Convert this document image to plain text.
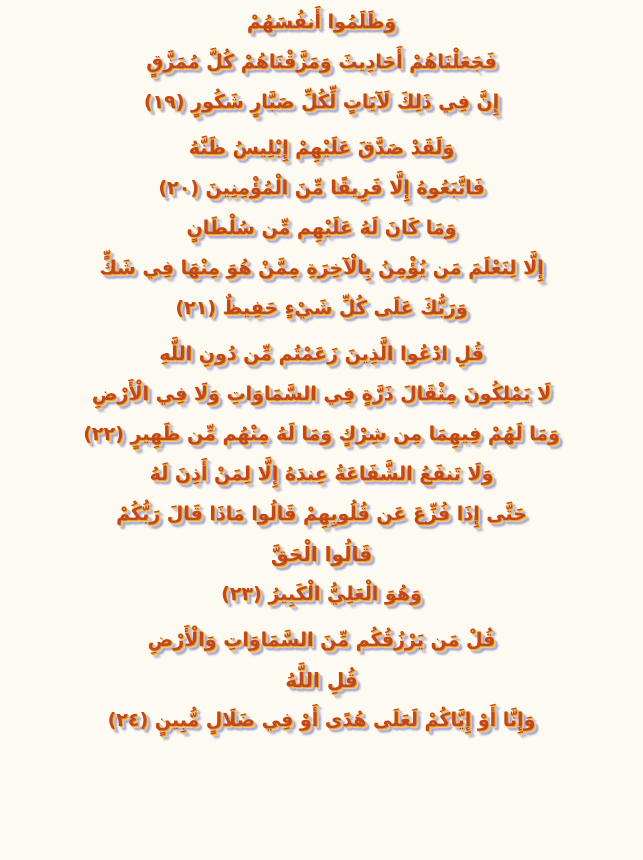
وَظَلَمُوا أَنفُسَهُمْ
فَجَعَلْنَاهُمْ أَحَادِيثَ وَمَزَّقْنَاهُمْ كُلَّ مُمَزَّقٍ
إِنَّ فِي ذَلِكَ لَآيَاتٍ لِّكُلِّ صَبَّارٍ شَكُورٍ (١٩)
وَلَقَدْ صَدَّقَ عَلَيْهِمْ إِبْلِيسُ ظَنَّهُ
فَاتَّبَعُوهُ إِلَّا فَرِيقًا مِّنَ الْمُؤْمِنِينَ (٢٠)
وَمَا كَانَ لَهُ عَلَيْهِم مِّن سُلْطَانٍ
إِلَّا لِنَعْلَمَ مَن يُؤْمِنُ بِالْآخِرَةِ مِمَّنْ هُوَ مِنْهَا فِي شَكٍّ
وَرَبُّكَ عَلَى كُلِّ شَيْءٍ حَفِيظٌ (٢١)
قُلِ ادْعُوا الَّذِينَ زَعَمْتُم مِّن دُونِ اللَّهِ
لَا يَمْلِكُونَ مِثْقَالَ ذَرَّةٍ فِي السَّمَاوَاتِ وَلَا فِي الْأَرْضِ
وَمَا لَهُمْ فِيهِمَا مِن شِرْكٍ وَمَا لَهُ مِنْهُم مِّن ظَهِيرٍ (٢٢)
وَلَا تَنفَعُ الشَّفَاعَةُ عِندَهُ إِلَّا لِمَنْ أَذِنَ لَهُ
حَتَّى إِذَا فُزِّعَ عَن قُلُوبِهِمْ قَالُوا مَاذَا قَالَ رَبُّكُمْ
قَالُوا الْحَقَّ
وَهُوَ الْعَلِيُّ الْكَبِيرُ (٢٣)
قُلْ مَن يَرْزُقُكُم مِّنَ السَّمَاوَاتِ وَالْأَرْضِ
قُلِ اللَّهُ
وَإِنَّا أَوْ إِيَّاكُمْ لَعَلَى هُدًى أَوْ فِي ضَلَالٍ مُّبِينٍ (٢٤)
